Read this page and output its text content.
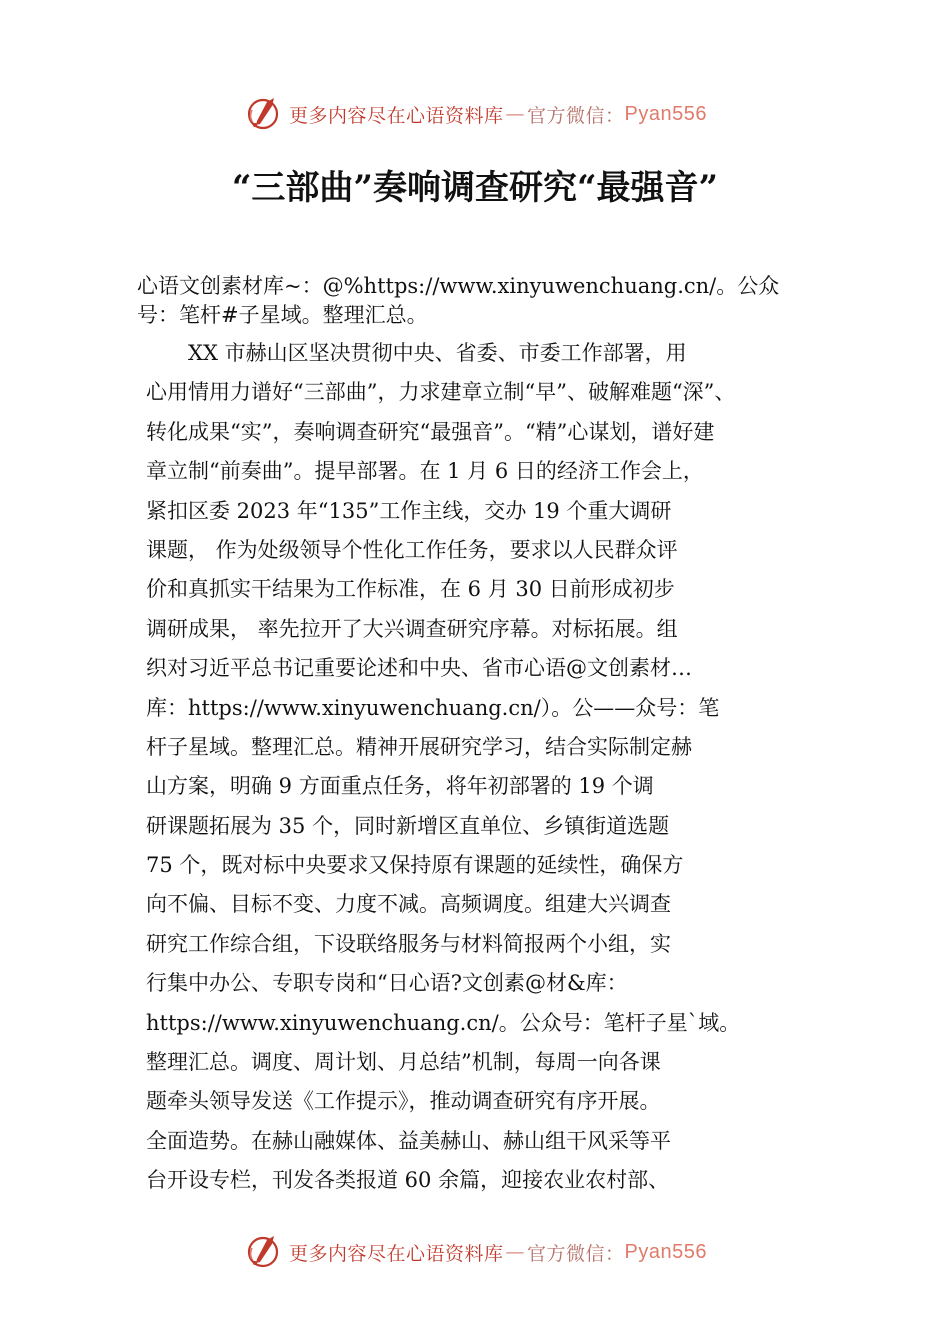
更多内容尽在心语资料库 — 官方微信： Pyan556
“三部曲”奏响调查研究“最强音”
心语文创素材库~：@%https://www.xinyuwenchuang.cn/。公众
号：笔杆#子星域。整理汇总。
　　XX 市赫山区坚决贯彻中央、省委、市委工作部署，用
心用情用力谱好“三部曲”，力求建章立制“早”、破解难题“深”、
转化成果“实”，奏响调查研究“最强音”。“精”心谋划，谱好建
章立制“前奏曲”。提早部署。在 1 月 6 日的经济工作会上，
紧扣区委 2023 年“135”工作主线，交办 19 个重大调研
课题， 作为处级领导个性化工作任务，要求以人民群众评
价和真抓实干结果为工作标准，在 6 月 30 日前形成初步
调研成果， 率先拉开了大兴调查研究序幕。对标拓展。组
织对习近平总书记重要论述和中央、省市心语@文创素材…
库：https://www.xinyuwenchuang.cn/）。公——众号：笔
杆子星域。整理汇总。精神开展研究学习，结合实际制定赫
山方案，明确 9 方面重点任务，将年初部署的 19 个调
研课题拓展为 35 个，同时新增区直单位、乡镇街道选题
75 个，既对标中央要求又保持原有课题的延续性，确保方
向不偏、目标不变、力度不减。高频调度。组建大兴调查
研究工作综合组，下设联络服务与材料简报两个小组，实
行集中办公、专职专岗和“日心语?文创素@材&库：
https://www.xinyuwenchuang.cn/。公众号：笔杆子星`域。
整理汇总。调度、周计划、月总结”机制，每周一向各课
题牵头领导发送《工作提示》，推动调查研究有序开展。
全面造势。在赫山融媒体、益美赫山、赫山组干风采等平
台开设专栏，刊发各类报道 60 余篇，迎接农业农村部、
更多内容尽在心语资料库 — 官方微信： Pyan556
